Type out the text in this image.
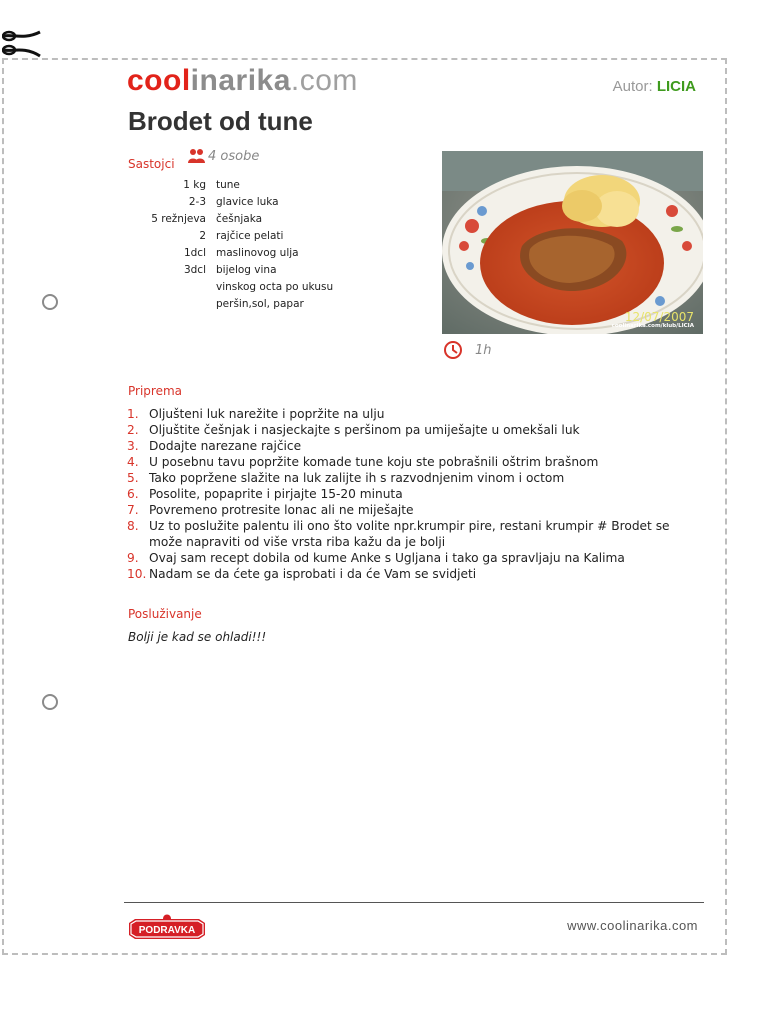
coolinarika.com	Autor: LICIA
Brodet od tune
Sastojci
4 osobe
1 kg tune
2-3 glavice luka
5 režnjeva češnjaka
2 rajčice pelati
1dcl maslinovog ulja
3dcl bijelog vina
vinskog octa po ukusu
peršin,sol, papar
12/07/2007
coolinarika.com/klub/LICIA
1h
Priprema
1. Oljušteni luk narežite i popržite na ulju
2. Oljuštite češnjak i nasjeckajte s peršinom pa umiješajte u omekšali luk
3. Dodajte narezane rajčice
4. U posebnu tavu popržite komade tune koju ste pobrašnili oštrim brašnom
5. Tako popržene slažite na luk zalijte ih s razvodnjenim vinom i octom
6. Posolite, popaprite i pirjajte 15-20 minuta
7. Povremeno protresite lonac ali ne miješajte
8. Uz to poslužite palentu ili ono što volite npr.krumpir pire, restani krumpir # Brodet se može napraviti od više vrsta riba kažu da je bolji
9. Ovaj sam recept dobila od kume Anke s Ugljana i tako ga spravljaju na Kalima
10. Nadam se da ćete ga isprobati i da će Vam se svidjeti
Posluživanje
Bolji je kad se ohladi!!!
PODRAVKA	www.coolinarika.com
